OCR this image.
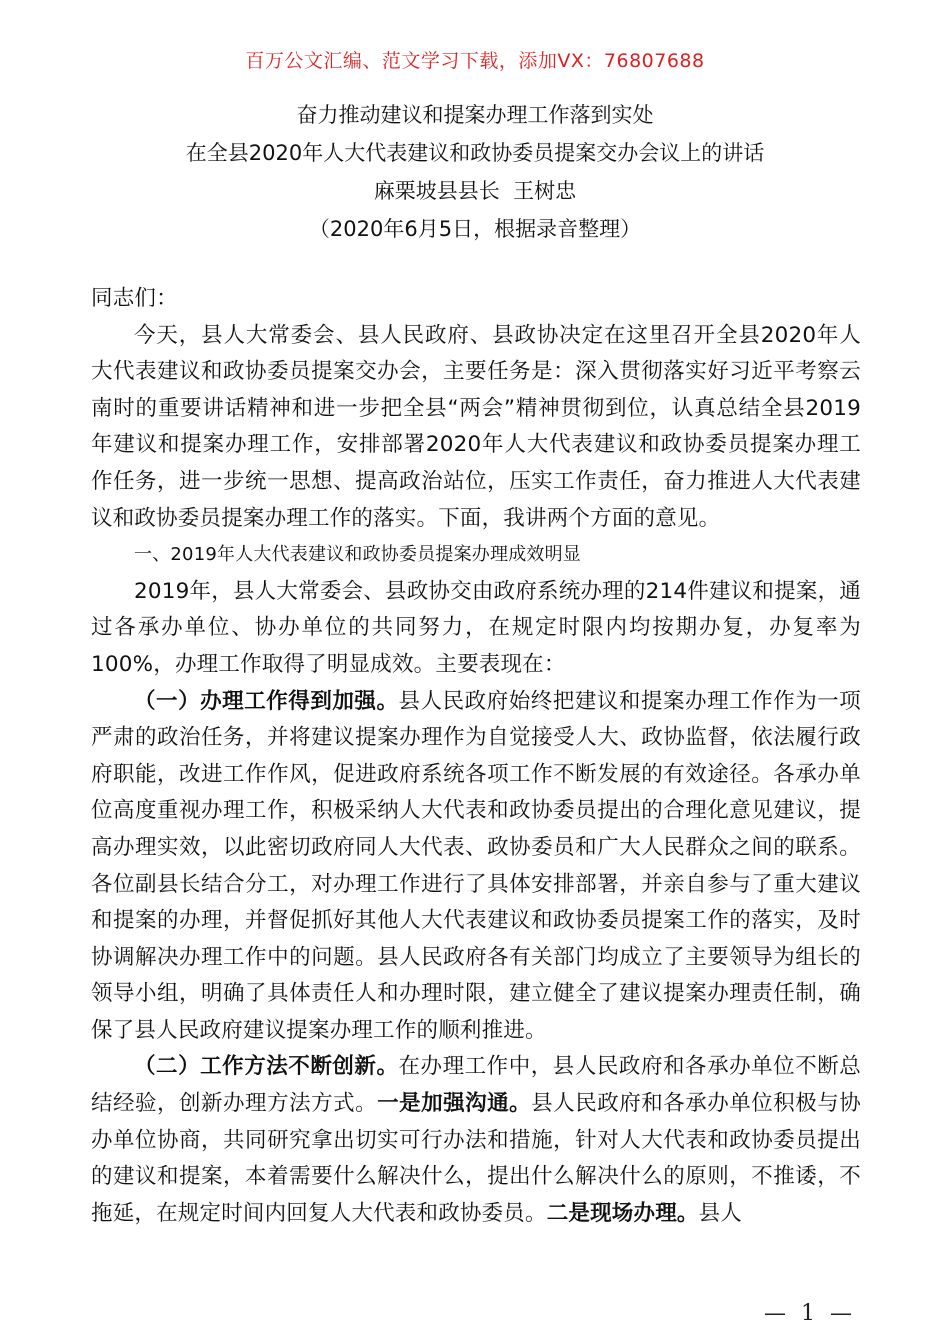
百万公文汇编、范文学习下载，添加VX：76807688
奋力推动建议和提案办理工作落到实处
在全县2020年人大代表建议和政协委员提案交办会议上的讲话
麻栗坡县县长  王树忠
（2020年6月5日，根据录音整理）

同志们：

今天，县人大常委会、县人民政府、县政协决定在这里召开全县2020年人大代表建议和政协委员提案交办会，主要任务是：深入贯彻落实好习近平考察云南时的重要讲话精神和进一步把全县“两会”精神贯彻到位，认真总结全县2019年建议和提案办理工作，安排部署2020年人大代表建议和政协委员提案办理工作任务，进一步统一思想、提高政治站位，压实工作责任，奋力推进人大代表建议和政协委员提案办理工作的落实。下面，我讲两个方面的意见。

一、2019年人大代表建议和政协委员提案办理成效明显

2019年，县人大常委会、县政协交由政府系统办理的214件建议和提案，通过各承办单位、协办单位的共同努力，在规定时限内均按期办复，办复率为100%，办理工作取得了明显成效。主要表现在：

（一）办理工作得到加强。县人民政府始终把建议和提案办理工作作为一项严肃的政治任务，并将建议提案办理作为自觉接受人大、政协监督，依法履行政府职能，改进工作作风，促进政府系统各项工作不断发展的有效途径。各承办单位高度重视办理工作，积极采纳人大代表和政协委员提出的合理化意见建议，提高办理实效，以此密切政府同人大代表、政协委员和广大人民群众之间的联系。各位副县长结合分工，对办理工作进行了具体安排部署，并亲自参与了重大建议和提案的办理，并督促抓好其他人大代表建议和政协委员提案工作的落实，及时协调解决办理工作中的问题。县人民政府各有关部门均成立了主要领导为组长的领导小组，明确了具体责任人和办理时限，建立健全了建议提案办理责任制，确保了县人民政府建议提案办理工作的顺利推进。

（二）工作方法不断创新。在办理工作中，县人民政府和各承办单位不断总结经验，创新办理方法方式。一是加强沟通。县人民政府和各承办单位积极与协办单位协商，共同研究拿出切实可行办法和措施，针对人大代表和政协委员提出的建议和提案，本着需要什么解决什么，提出什么解决什么的原则，不推诿，不拖延，在规定时间内回复人大代表和政协委员。二是现场办理。县人

— 1 —
